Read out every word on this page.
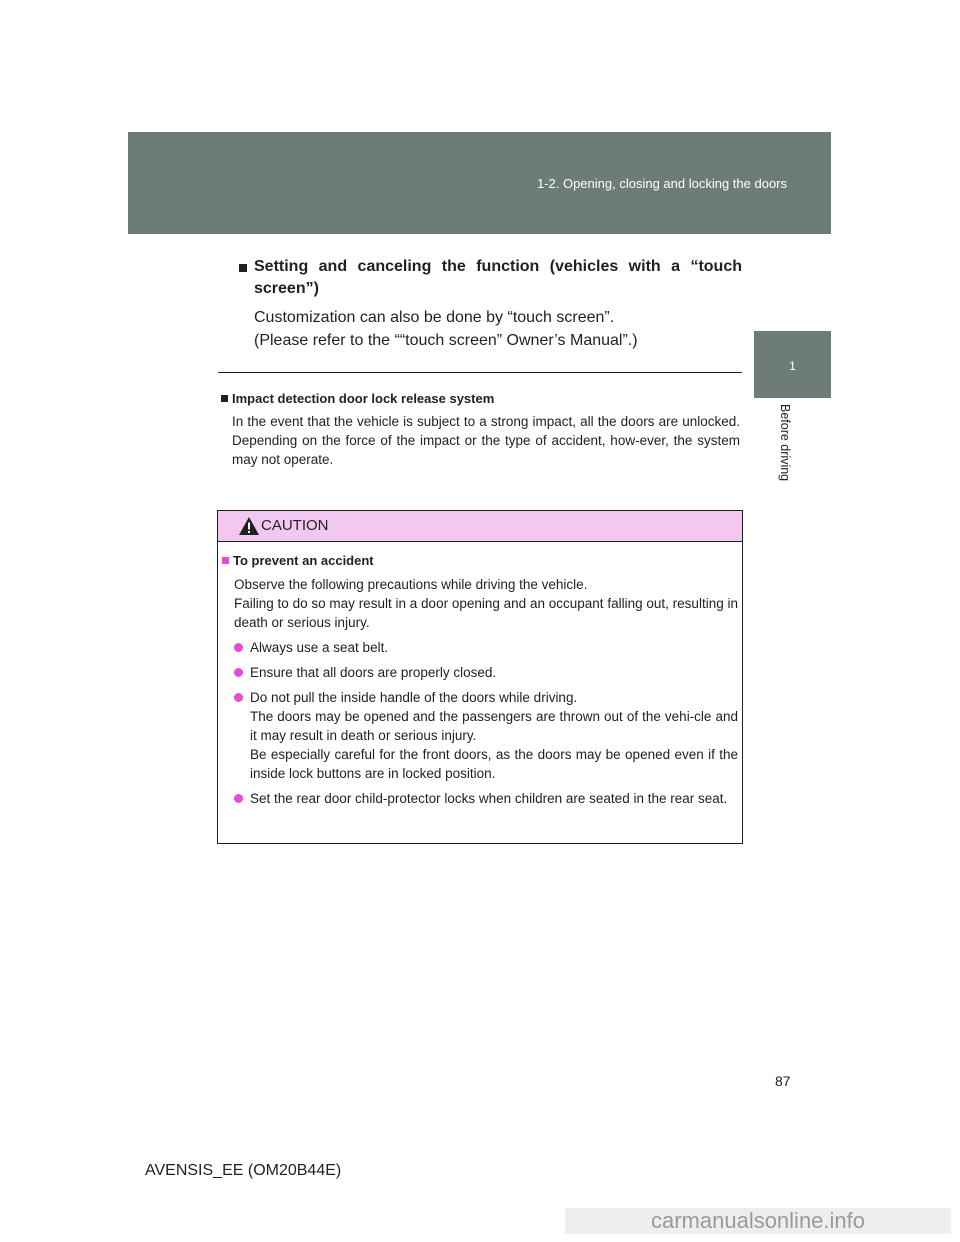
1-2. Opening, closing and locking the doors
1
Before driving

Setting and canceling the function (vehicles with a “touch screen”)

Customization can also be done by “touch screen”.
(Please refer to the ““touch screen” Owner’s Manual”.)

Impact detection door lock release system

In the event that the vehicle is subject to a strong impact, all the doors are unlocked. Depending on the force of the impact or the type of accident, how-ever, the system may not operate.

CAUTION

To prevent an accident

Observe the following precautions while driving the vehicle.
Failing to do so may result in a door opening and an occupant falling out, resulting in death or serious injury.
Always use a seat belt.
Ensure that all doors are properly closed.
Do not pull the inside handle of the doors while driving.
The doors may be opened and the passengers are thrown out of the vehi-cle and it may result in death or serious injury.
Be especially careful for the front doors, as the doors may be opened even if the inside lock buttons are in locked position.
Set the rear door child-protector locks when children are seated in the rear seat.
87
AVENSIS_EE (OM20B44E)
carmanualsonline.info
